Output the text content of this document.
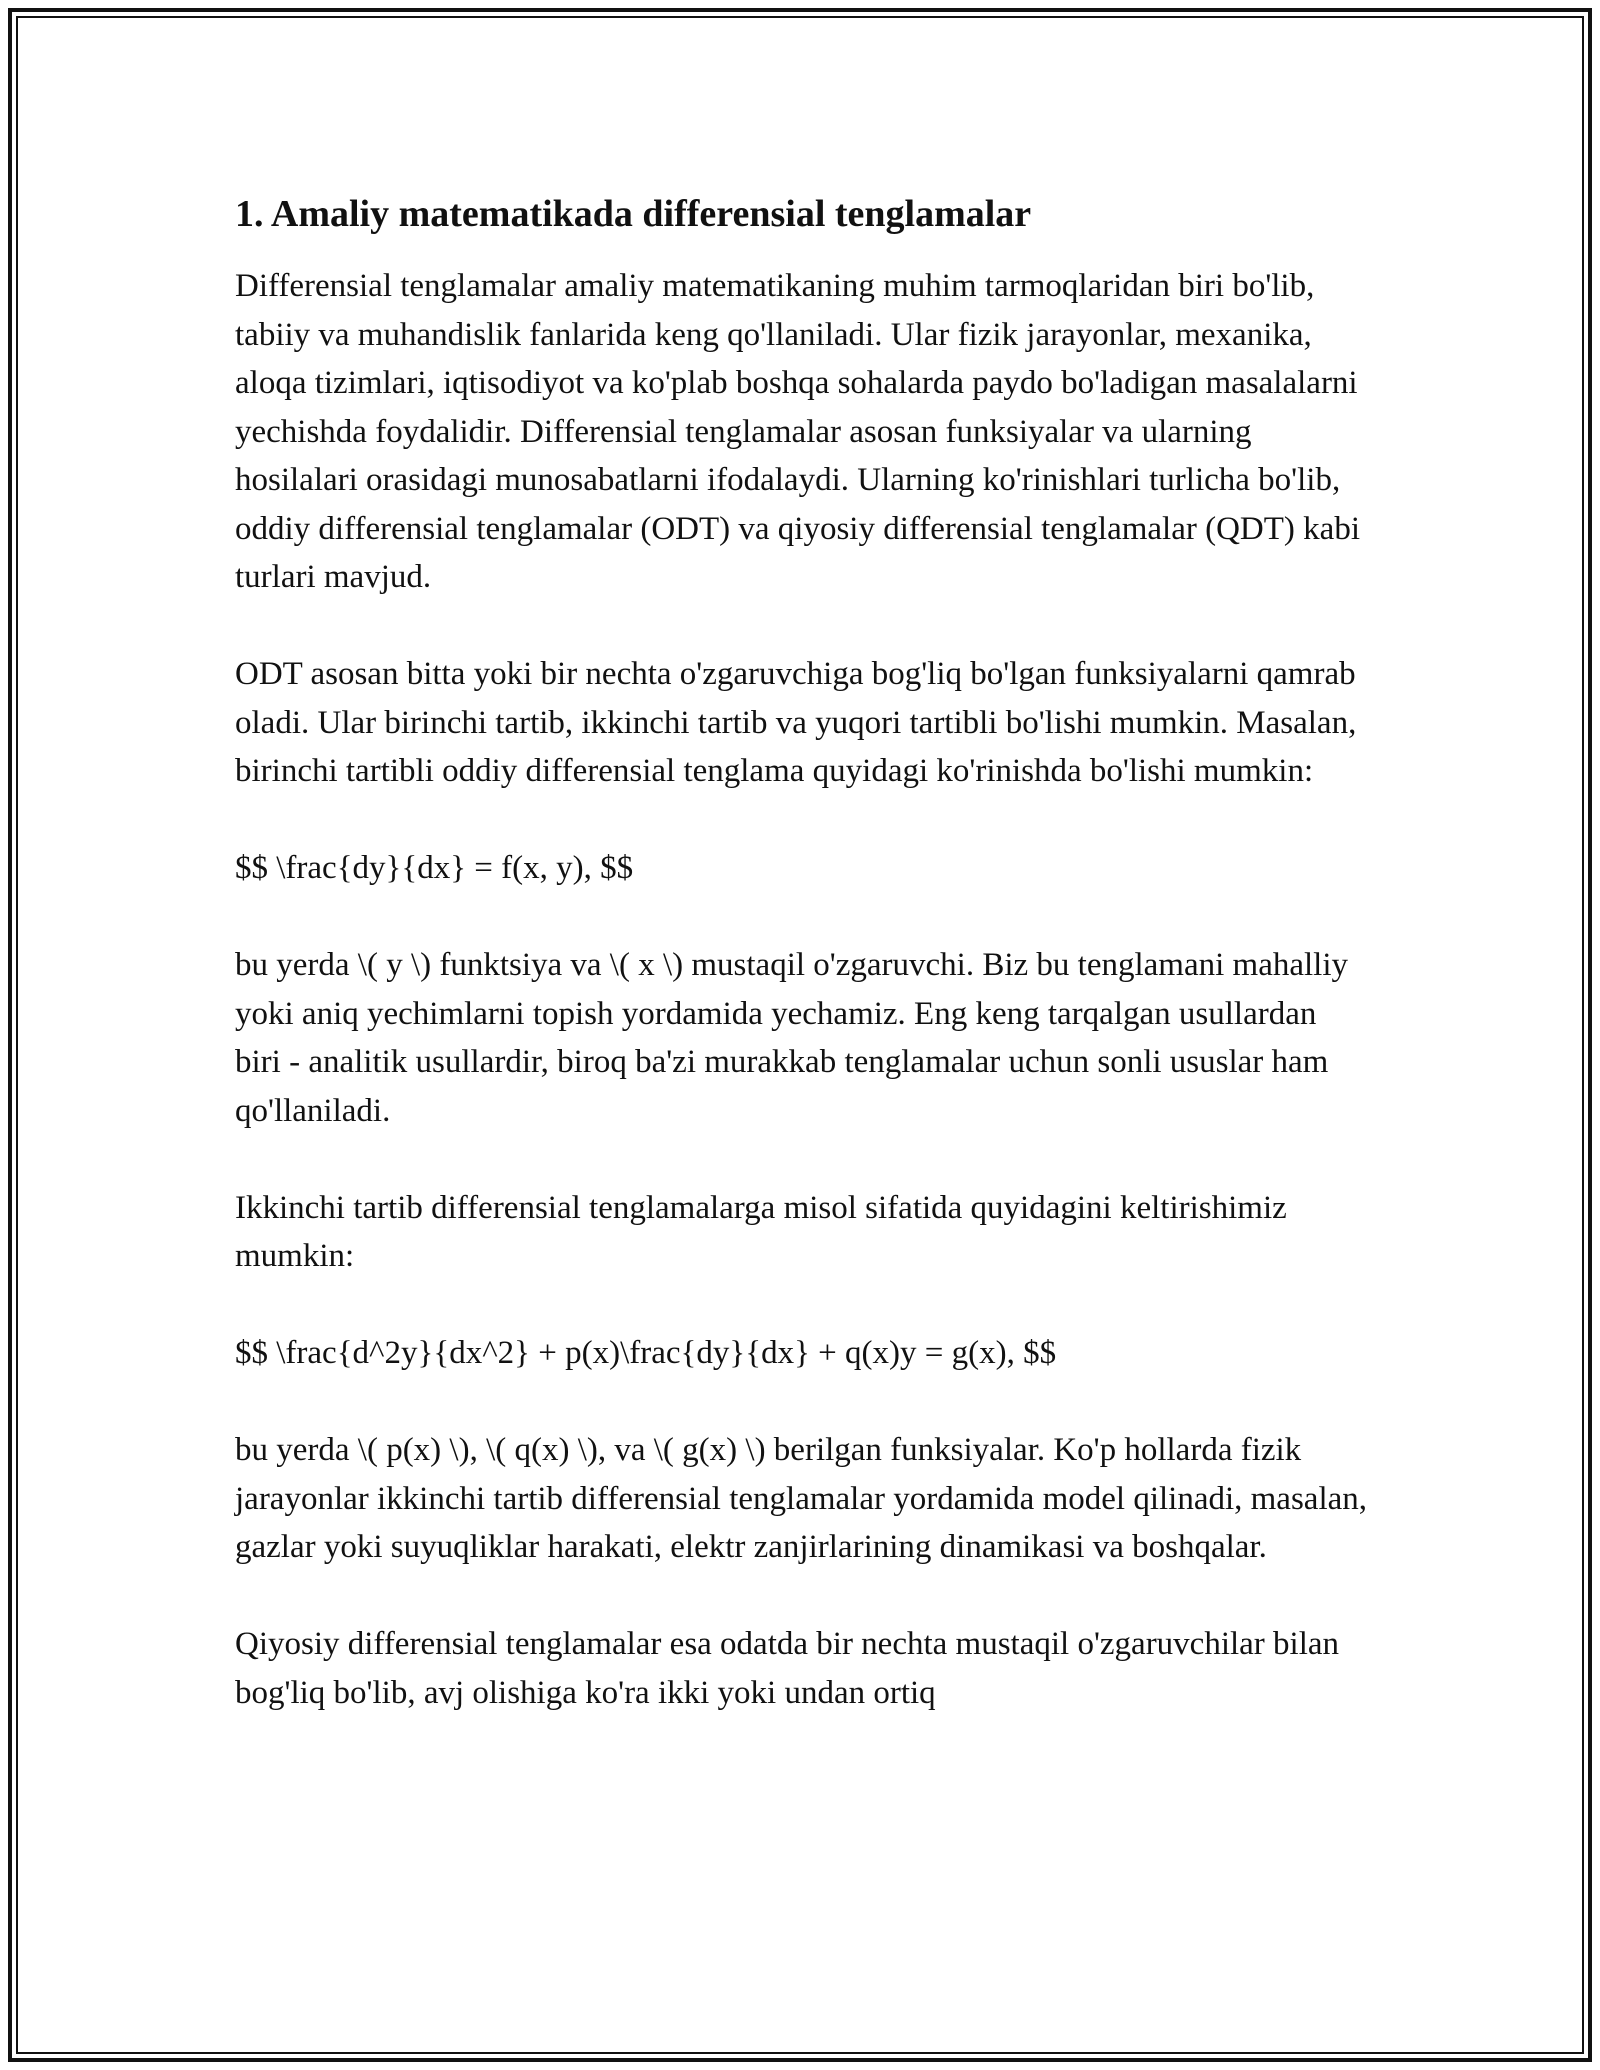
1. Amaliy matematikada differensial tenglamalar

Differensial tenglamalar amaliy matematikaning muhim tarmoqlaridan biri bo'lib, tabiiy va muhandislik fanlarida keng qo'llaniladi. Ular fizik jarayonlar, mexanika, aloqa tizimlari, iqtisodiyot va ko'plab boshqa sohalarda paydo bo'ladigan masalalarni yechishda foydalidir. Differensial tenglamalar asosan funksiyalar va ularning hosilalari orasidagi munosabatlarni ifodalaydi. Ularning ko'rinishlari turlicha bo'lib, oddiy differensial tenglamalar (ODT) va qiyosiy differensial tenglamalar (QDT) kabi turlari mavjud.

ODT asosan bitta yoki bir nechta o'zgaruvchiga bog'liq bo'lgan funksiyalarni qamrab oladi. Ular birinchi tartib, ikkinchi tartib va yuqori tartibli bo'lishi mumkin. Masalan, birinchi tartibli oddiy differensial tenglama quyidagi ko'rinishda bo'lishi mumkin:

$$ \frac{dy}{dx} = f(x, y), $$

bu yerda \( y \) funktsiya va \( x \) mustaqil o'zgaruvchi. Biz bu tenglamani mahalliy yoki aniq yechimlarni topish yordamida yechamiz. Eng keng tarqalgan usullardan biri - analitik usullardir, biroq ba'zi murakkab tenglamalar uchun sonli ususlar ham qo'llaniladi.

Ikkinchi tartib differensial tenglamalarga misol sifatida quyidagini keltirishimiz mumkin:

$$ \frac{d^2y}{dx^2} + p(x)\frac{dy}{dx} + q(x)y = g(x), $$

bu yerda \( p(x) \), \( q(x) \), va \( g(x) \) berilgan funksiyalar. Ko'p hollarda fizik jarayonlar ikkinchi tartib differensial tenglamalar yordamida model qilinadi, masalan, gazlar yoki suyuqliklar harakati, elektr zanjirlarining dinamikasi va boshqalar.

Qiyosiy differensial tenglamalar esa odatda bir nechta mustaqil o'zgaruvchilar bilan bog'liq bo'lib, avj olishiga ko'ra ikki yoki undan ortiq
